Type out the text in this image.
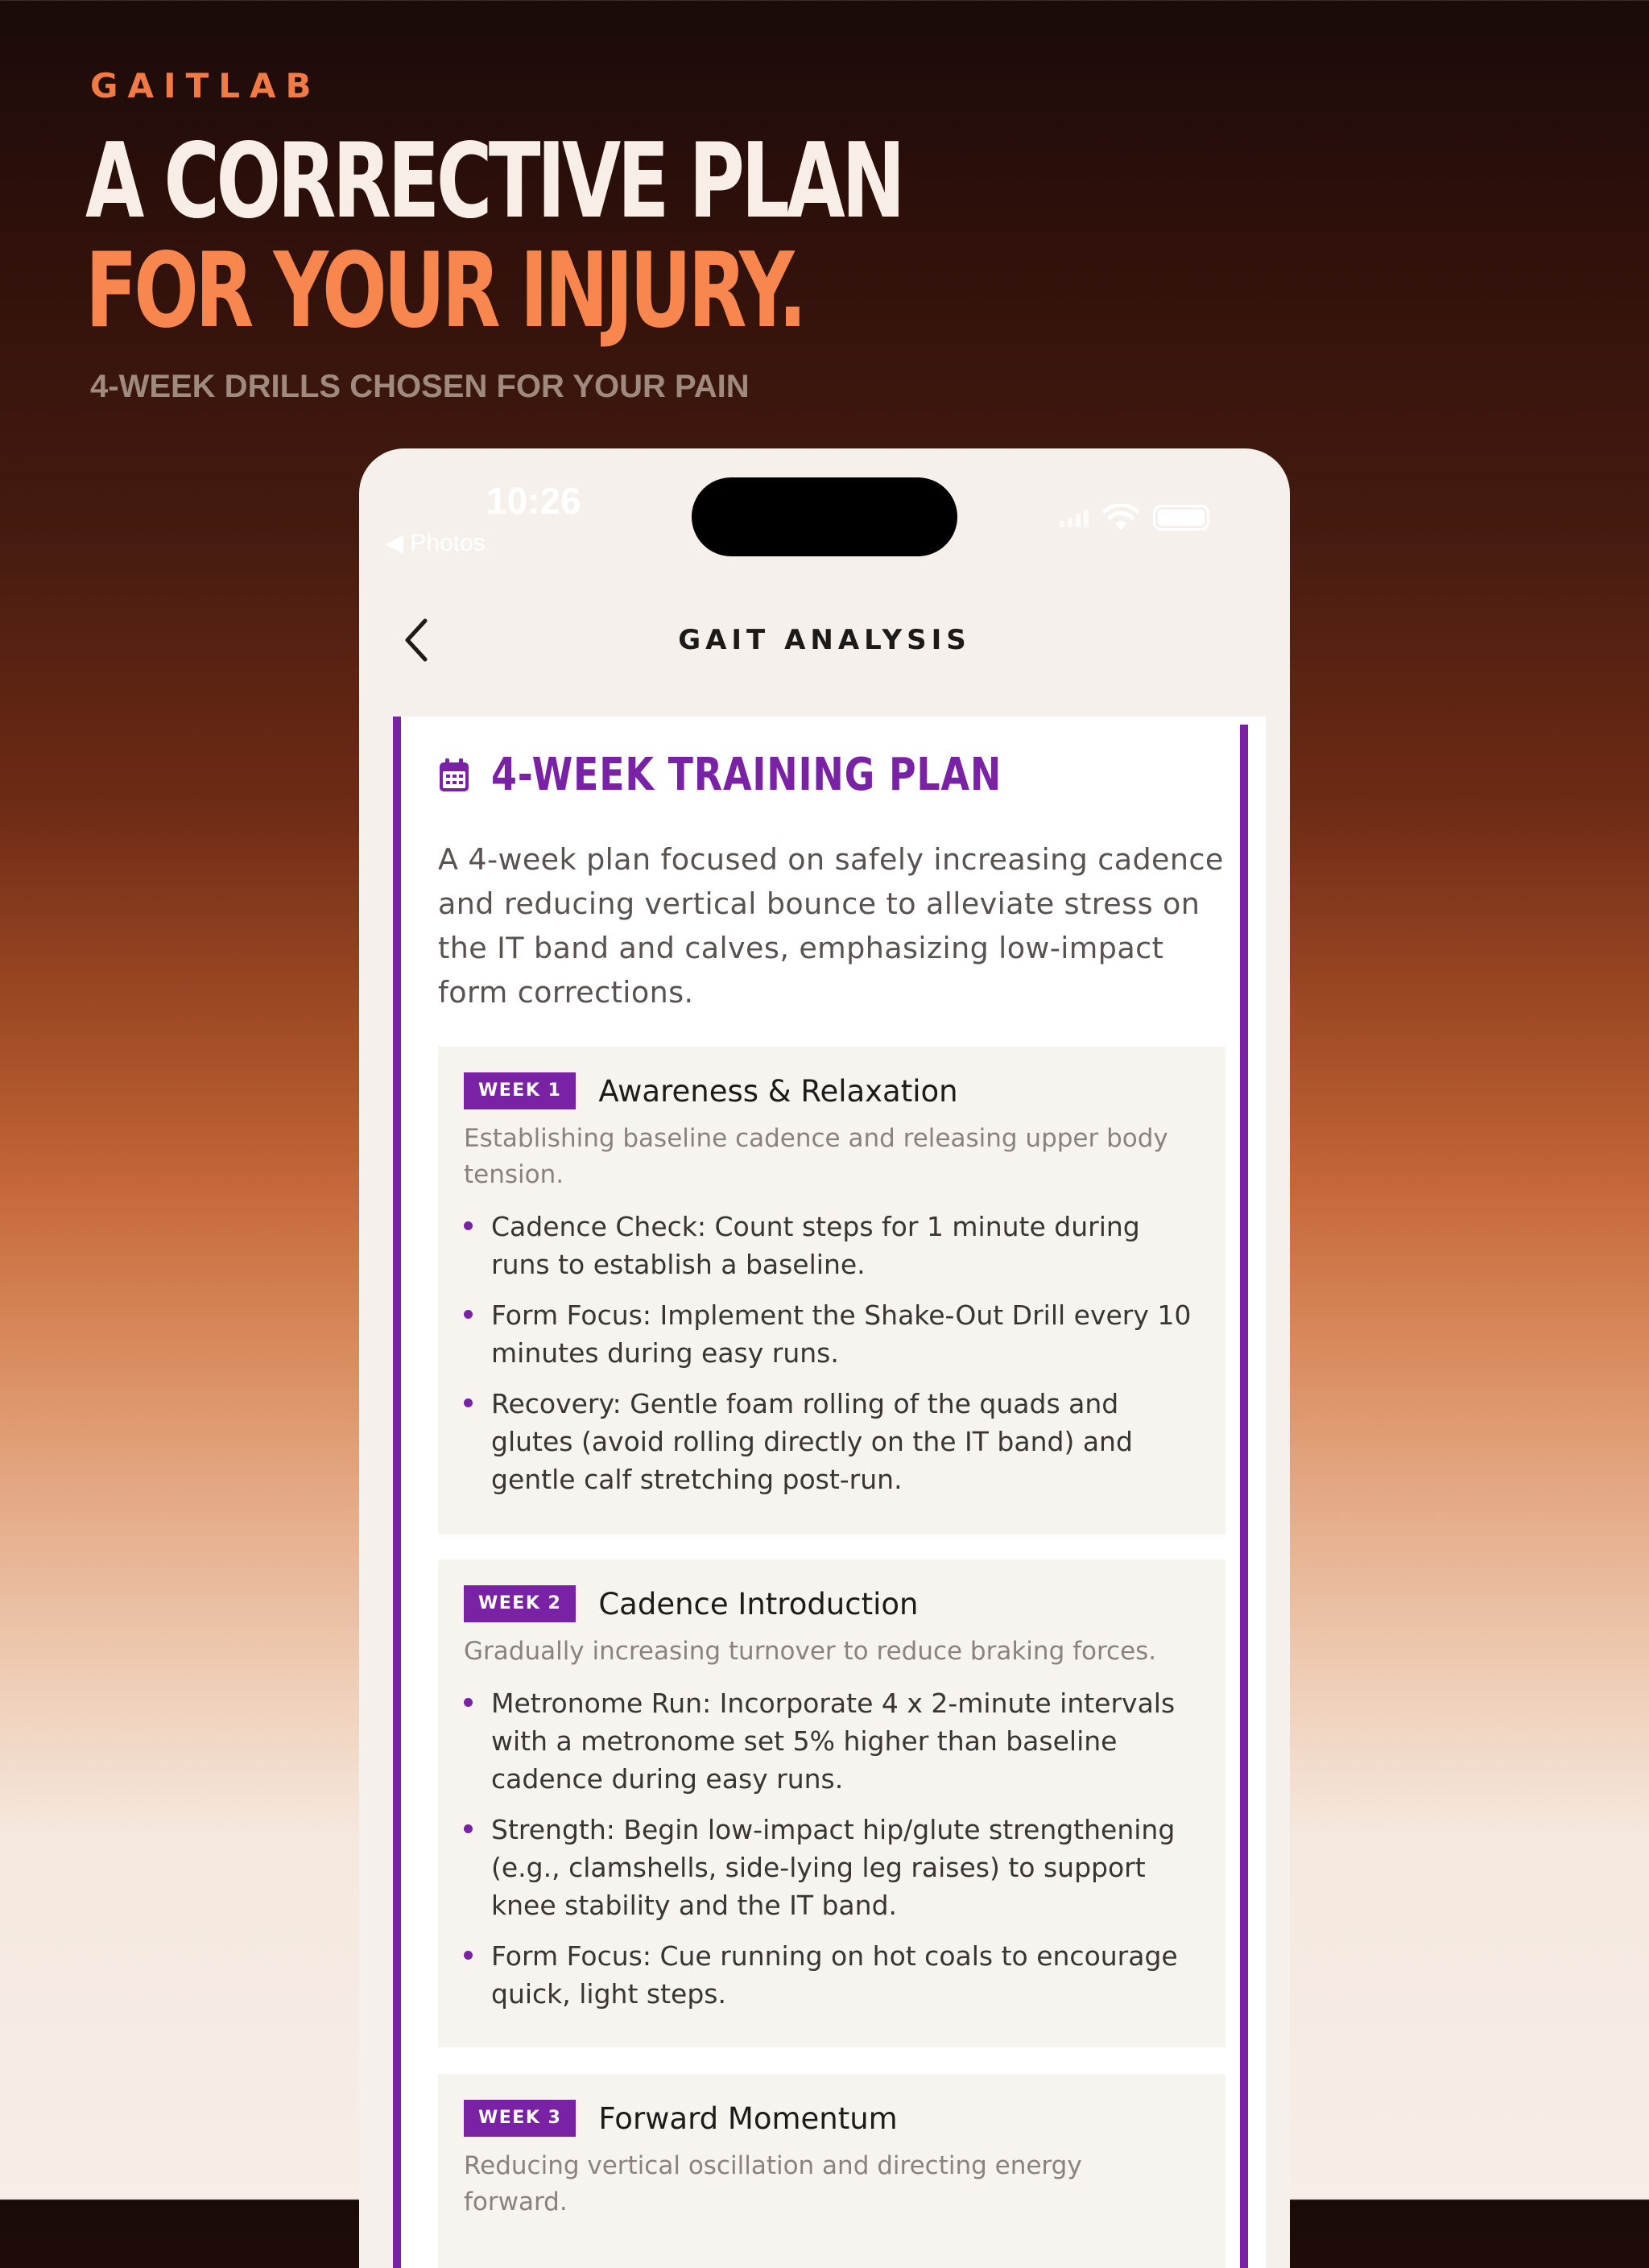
GAITLAB

A CORRECTIVE PLAN
FOR YOUR INJURY.

4-WEEK DRILLS CHOSEN FOR YOUR PAIN

10:26
◀ Photos
GAIT ANALYSIS
4-WEEK TRAINING PLAN

A 4-week plan focused on safely increasing cadence and reducing vertical bounce to alleviate stress on the IT band and calves, emphasizing low-impact form corrections.

WEEK 1	Awareness & Relaxation

Establishing baseline cadence and releasing upper body tension.

Cadence Check: Count steps for 1 minute during runs to establish a baseline.
Form Focus: Implement the Shake-Out Drill every 10 minutes during easy runs.
Recovery: Gentle foam rolling of the quads and glutes (avoid rolling directly on the IT band) and gentle calf stretching post-run.
WEEK 2	Cadence Introduction

Gradually increasing turnover to reduce braking forces.

Metronome Run: Incorporate 4 x 2-minute intervals with a metronome set 5% higher than baseline cadence during easy runs.
Strength: Begin low-impact hip/glute strengthening (e.g., clamshells, side-lying leg raises) to support knee stability and the IT band.
Form Focus: Cue running on hot coals to encourage quick, light steps.
WEEK 3	Forward Momentum

Reducing vertical oscillation and directing energy forward.
